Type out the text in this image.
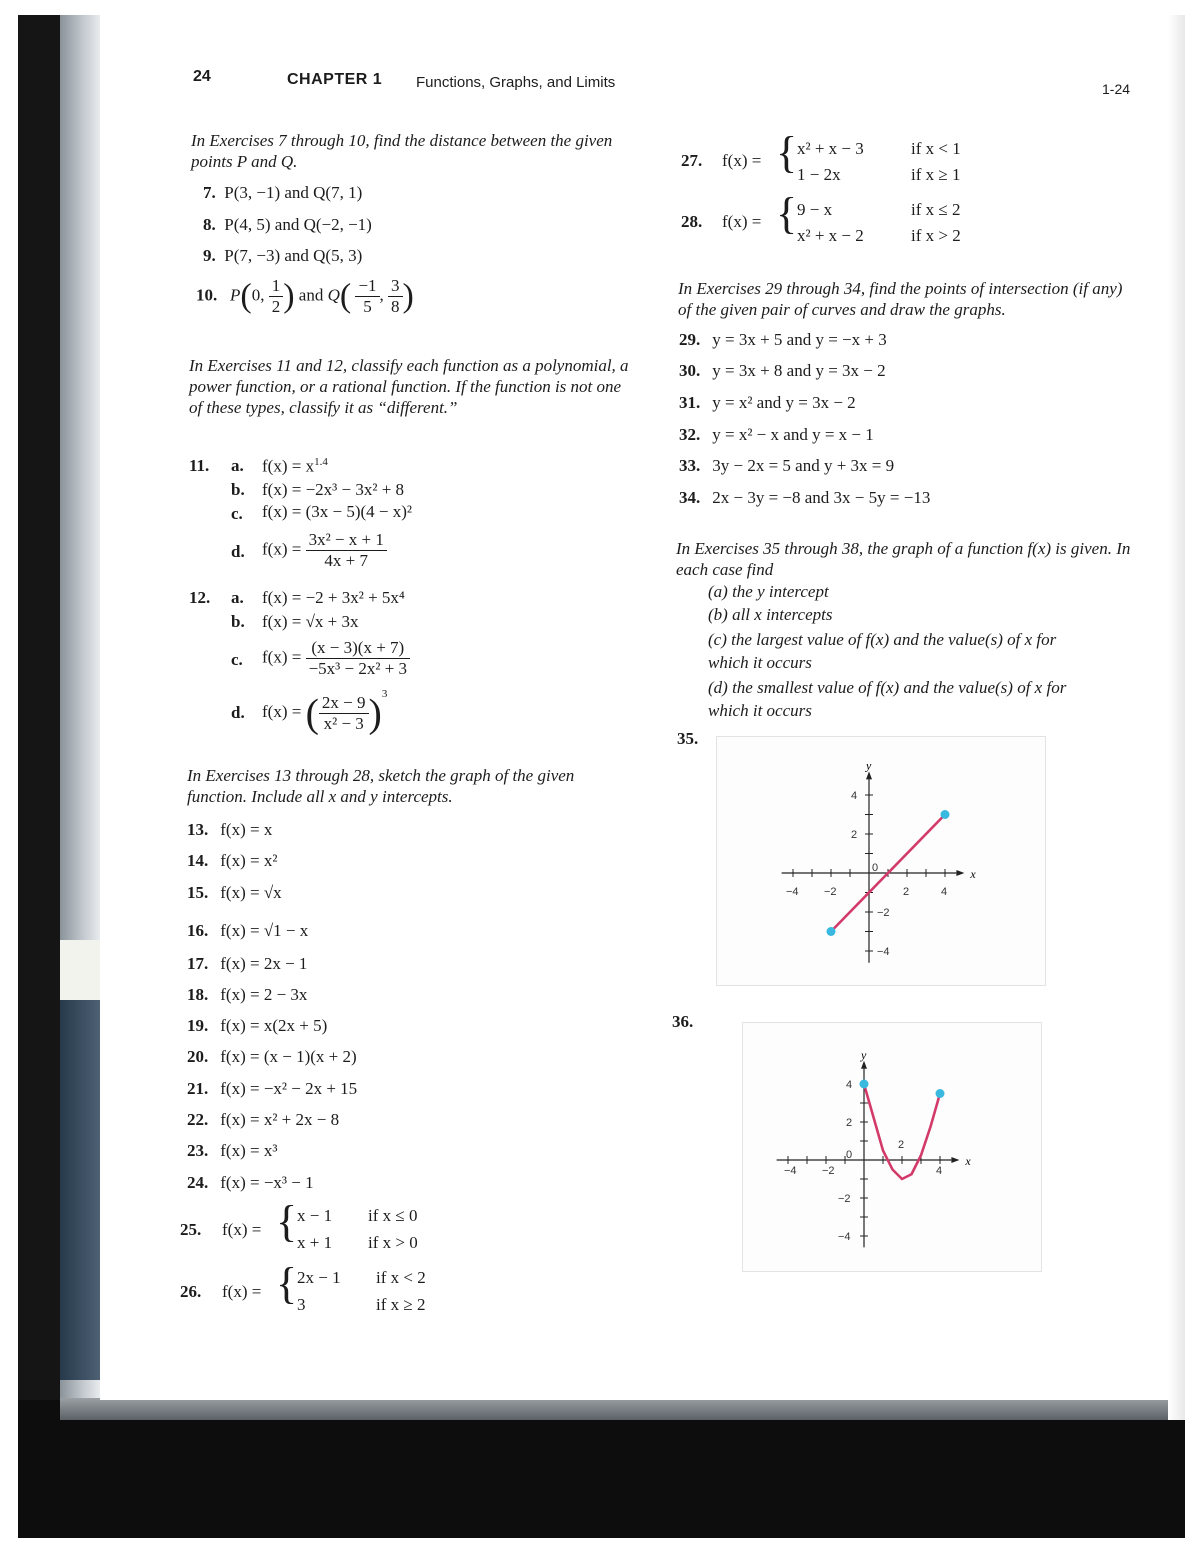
24	CHAPTER 1 Functions, Graphs, and Limits	1-24
In Exercises 7 through 10, find the distance between the given points P and Q.
7. P(3, −1) and Q(7, 1)
8. P(4, 5) and Q(−2, −1)
9. P(7, −3) and Q(5, 3)
10. P(0, $\frac{1}{2}$ ) and $Q( \frac{-1}{5}$ , $\frac{3}{8}$ )
In Exercises 11 and 12, classify each function as a polynomial, a power function, or a rational function. If the function is not one of these types, classify it as “different.”
11. a. $f(x) = x^{1.4}$
b. f(x) = −2x³ − 3x² + 8
c. f(x) = (3x − 5)(4 − x)²
d. $f(x) = \frac{\text{3x² − x + 1}}{4x + 7}$
12. a. f(x) = −2 + 3x² + 5x⁴
b. f(x) = √x + 3x
c. $f(x) = \frac{(x - 3)(x + 7)}{\text{−5x³ − 2x² + 3}}$
d. f(x) = ( $\frac{2x - 9}{\text{x² − 3}} )^3$
In Exercises 13 through 28, sketch the graph of the given function. Include all x and y intercepts.
13. f(x) = x
14. f(x) = x²
15. f(x) = √x
16. f(x) = √1 − x
17. f(x) = 2x − 1
18. f(x) = 2 − 3x
19. f(x) = x(2x + 5)
20. f(x) = (x − 1)(x + 2)
21. f(x) = −x² − 2x + 15
22. f(x) = x² + 2x − 8
23. f(x) = x³
24. f(x) = −x³ − 1
25. f(x) = { x − 1 if x ≤ 0
x + 1 if x > 0
26. f(x) = { 2x − 1 if x < 2
3	if x ≥ 2
27. f(x) = { x² + x − 3	if x < 1
1 − 2x	if x ≥ 1
28. f(x) = { 9 − x	if x ≤ 2
x² + x − 2	if x > 2
In Exercises 29 through 34, find the points of intersection (if any) of the given pair of curves and draw the graphs.
29. y = 3x + 5 and y = −x + 3
30. y = 3x + 8 and y = 3x − 2
31. y = x² and y = 3x − 2
32. y = x² − x and y = x − 1
33. 3y − 2x = 5 and y + 3x = 9
34. 2x − 3y = −8 and 3x − 5y = −13
In Exercises 35 through 38, the graph of a function f(x) is given. In each case find
(a) the y intercept
(b) all x intercepts
(c) the largest value of f(x) and the value(s) of x for
which it occurs
(d) the smallest value of f(x) and the value(s) of x for
which it occurs
35.
x
y
−4 −2	2	4
4
2
0
−2
−4
36.
x
y
−4 −2
0
2
4
4
2
−2
−4
